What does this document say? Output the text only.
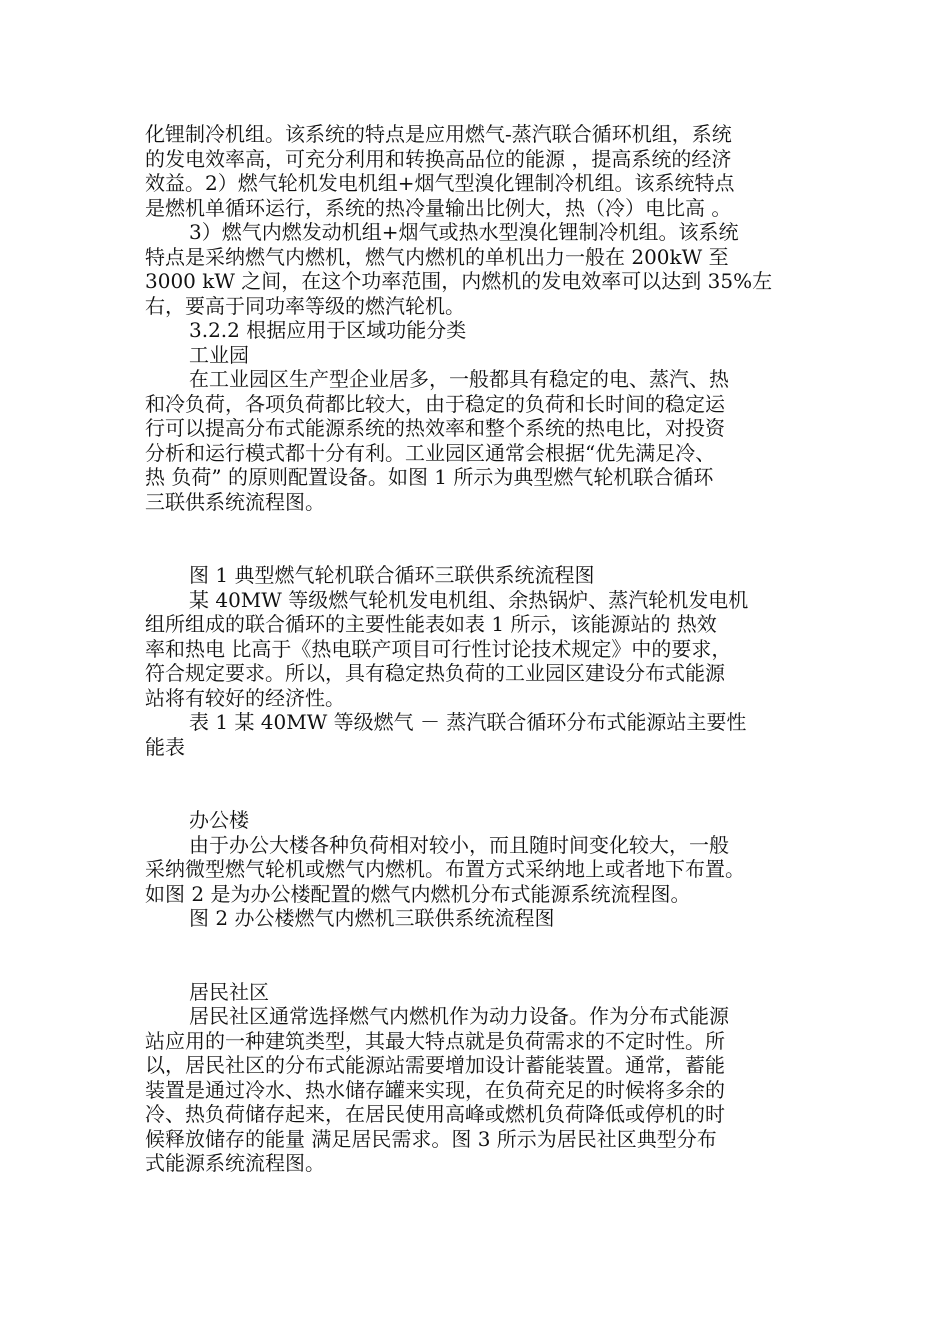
化锂制冷机组。该系统的特点是应用燃气-蒸汽联合循环机组，系统
的发电效率高，可充分利用和转换高品位的能源 ，提高系统的经济
效益。2）燃气轮机发电机组+烟气型溴化锂制冷机组。该系统特点
是燃机单循环运行，系统的热冷量输出比例大，热（冷）电比高 。
3）燃气内燃发动机组+烟气或热水型溴化锂制冷机组。该系统
特点是采纳燃气内燃机，燃气内燃机的单机出力一般在 200kW 至
3000 kW 之间，在这个功率范围，内燃机的发电效率可以达到 35%左
右，要高于同功率等级的燃汽轮机。
3.2.2 根据应用于区域功能分类
工业园
在工业园区生产型企业居多，一般都具有稳定的电、蒸汽、热
和冷负荷，各项负荷都比较大，由于稳定的负荷和长时间的稳定运
行可以提高分布式能源系统的热效率和整个系统的热电比，对投资
分析和运行模式都十分有利。工业园区通常会根据“优先满足冷、
热 负荷” 的原则配置设备。如图 1 所示为典型燃气轮机联合循环
三联供系统流程图。
图 1 典型燃气轮机联合循环三联供系统流程图
某 40MW 等级燃气轮机发电机组、余热锅炉、蒸汽轮机发电机
组所组成的联合循环的主要性能表如表 1 所示，该能源站的 热效
率和热电 比高于《热电联产项目可行性讨论技术规定》中的要求，
符合规定要求。所以，具有稳定热负荷的工业园区建设分布式能源
站将有较好的经济性。
表 1 某 40MW 等级燃气 － 蒸汽联合循环分布式能源站主要性
能表
办公楼
由于办公大楼各种负荷相对较小，而且随时间变化较大，一般
采纳微型燃气轮机或燃气内燃机。布置方式采纳地上或者地下布置。
如图 2 是为办公楼配置的燃气内燃机分布式能源系统流程图。
图 2 办公楼燃气内燃机三联供系统流程图
居民社区
居民社区通常选择燃气内燃机作为动力设备。作为分布式能源
站应用的一种建筑类型，其最大特点就是负荷需求的不定时性。所
以，居民社区的分布式能源站需要增加设计蓄能装置。通常，蓄能
装置是通过冷水、热水储存罐来实现，在负荷充足的时候将多余的
冷、热负荷储存起来，在居民使用高峰或燃机负荷降低或停机的时
候释放储存的能量 满足居民需求。图 3 所示为居民社区典型分布
式能源系统流程图。
